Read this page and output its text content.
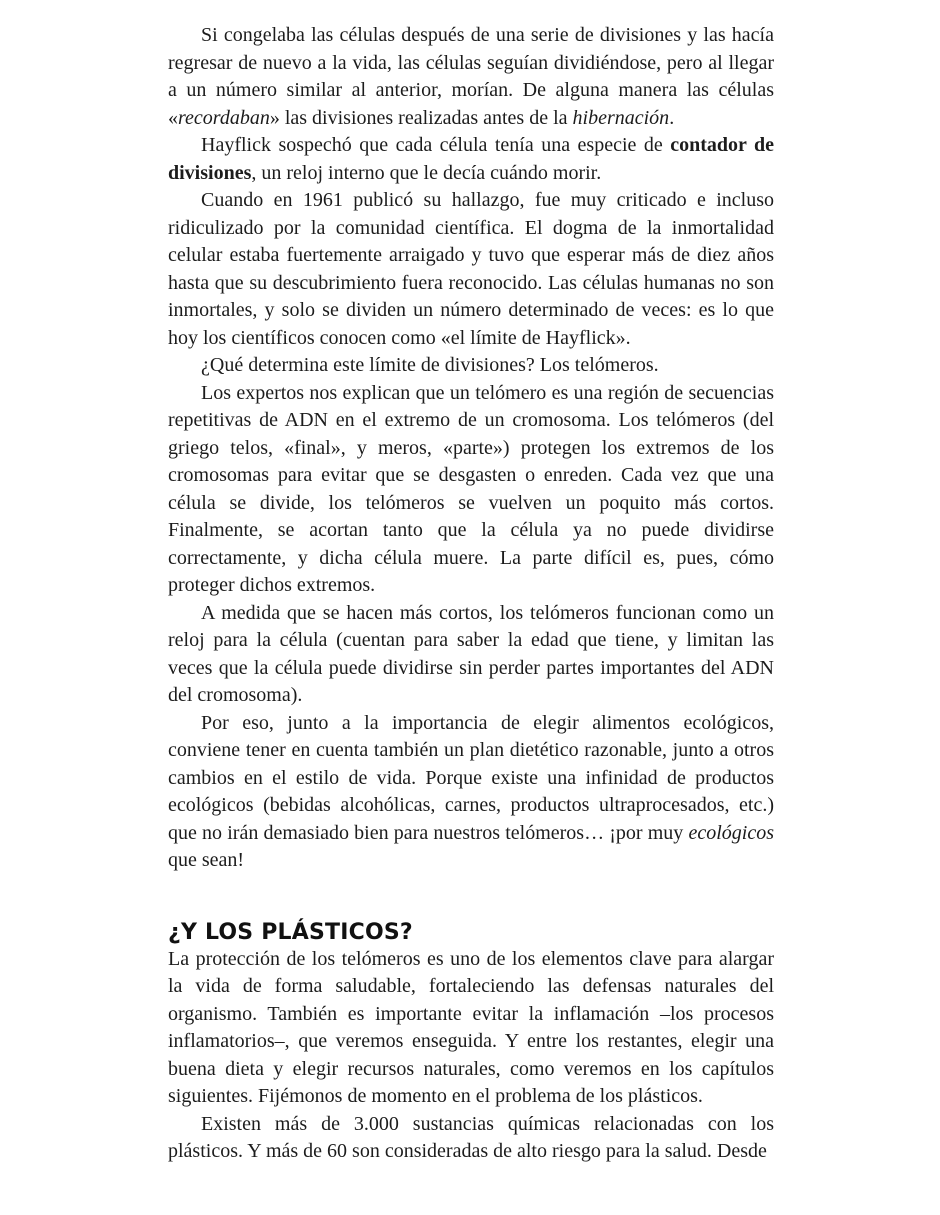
Si congelaba las células después de una serie de divisiones y las hacía regresar de nuevo a la vida, las células seguían dividiéndose, pero al llegar a un número similar al anterior, morían. De alguna manera las células «recordaban» las divisiones realizadas antes de la hibernación.

Hayflick sospechó que cada célula tenía una especie de contador de divisiones, un reloj interno que le decía cuándo morir.

Cuando en 1961 publicó su hallazgo, fue muy criticado e incluso ridiculizado por la comunidad científica. El dogma de la inmortalidad celular estaba fuertemente arraigado y tuvo que esperar más de diez años hasta que su descubrimiento fuera reconocido. Las células humanas no son inmortales, y solo se dividen un número determinado de veces: es lo que hoy los científicos conocen como «el límite de Hayflick».

¿Qué determina este límite de divisiones? Los telómeros.

Los expertos nos explican que un telómero es una región de secuencias repetitivas de ADN en el extremo de un cromosoma. Los telómeros (del griego telos, «final», y meros, «parte») protegen los extremos de los cromosomas para evitar que se desgasten o enreden. Cada vez que una célula se divide, los telómeros se vuelven un poquito más cortos. Finalmente, se acortan tanto que la célula ya no puede dividirse correctamente, y dicha célula muere. La parte difícil es, pues, cómo proteger dichos extremos.

A medida que se hacen más cortos, los telómeros funcionan como un reloj para la célula (cuentan para saber la edad que tiene, y limitan las veces que la célula puede dividirse sin perder partes importantes del ADN del cromosoma).

Por eso, junto a la importancia de elegir alimentos ecológicos, conviene tener en cuenta también un plan dietético razonable, junto a otros cambios en el estilo de vida. Porque existe una infinidad de productos ecológicos (bebidas alcohólicas, carnes, productos ultraprocesados, etc.) que no irán demasiado bien para nuestros telómeros… ¡por muy ecológicos que sean!

¿Y LOS PLÁSTICOS?

La protección de los telómeros es uno de los elementos clave para alargar la vida de forma saludable, fortaleciendo las defensas naturales del organismo. También es importante evitar la inflamación –los procesos inflamatorios–, que veremos enseguida. Y entre los restantes, elegir una buena dieta y elegir recursos naturales, como veremos en los capítulos siguientes. Fijémonos de momento en el problema de los plásticos.

Existen más de 3.000 sustancias químicas relacionadas con los plásticos. Y más de 60 son consideradas de alto riesgo para la salud. Desde
